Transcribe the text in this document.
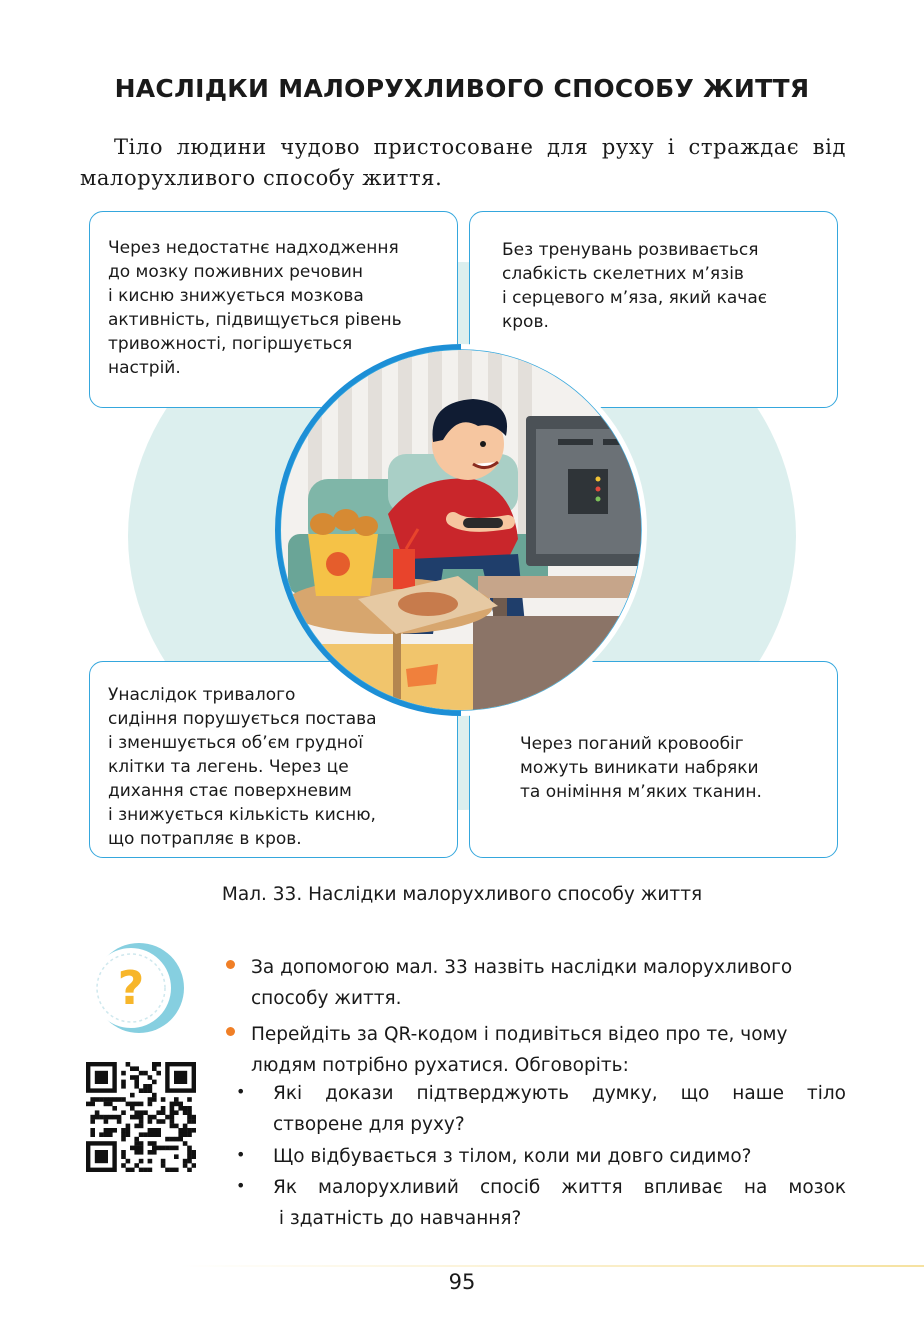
НАСЛІДКИ МАЛОРУХЛИВОГО СПОСОБУ ЖИТТЯ
Тіло людини чудово пристосоване для руху і страждає від малорухливого способу життя.
Через недостатнє надходження
до мозку поживних речовин
і кисню знижується мозкова
активність, підвищується рівень
тривожності, погіршується
настрій.
Без тренувань розвивається
слабкість скелетних м’язів
і серцевого м’яза, який качає
кров.
Унаслідок тривалого
сидіння порушується постава
і зменшується об’єм грудної
клітки та легень. Через це
дихання стає поверхневим
і знижується кількість кисню,
що потрапляє в кров.
Через поганий кровообіг
можуть виникати набряки
та оніміння м’яких тканин.
Мал. 33. Наслідки малорухливого способу життя
?	За допомогою мал. 33 назвіть наслідки малорухливого
способу життя.
Перейдіть за QR-кодом і подивіться відео про те, чому
людям потрібно рухатися. Обговоріть:
• Які докази підтверджують думку, що наше тіло
створене для руху?
• Що відбувається з тілом, коли ми довго сидимо?
• Як малорухливий спосіб життя впливає на мозок
і здатність до навчання?
95
